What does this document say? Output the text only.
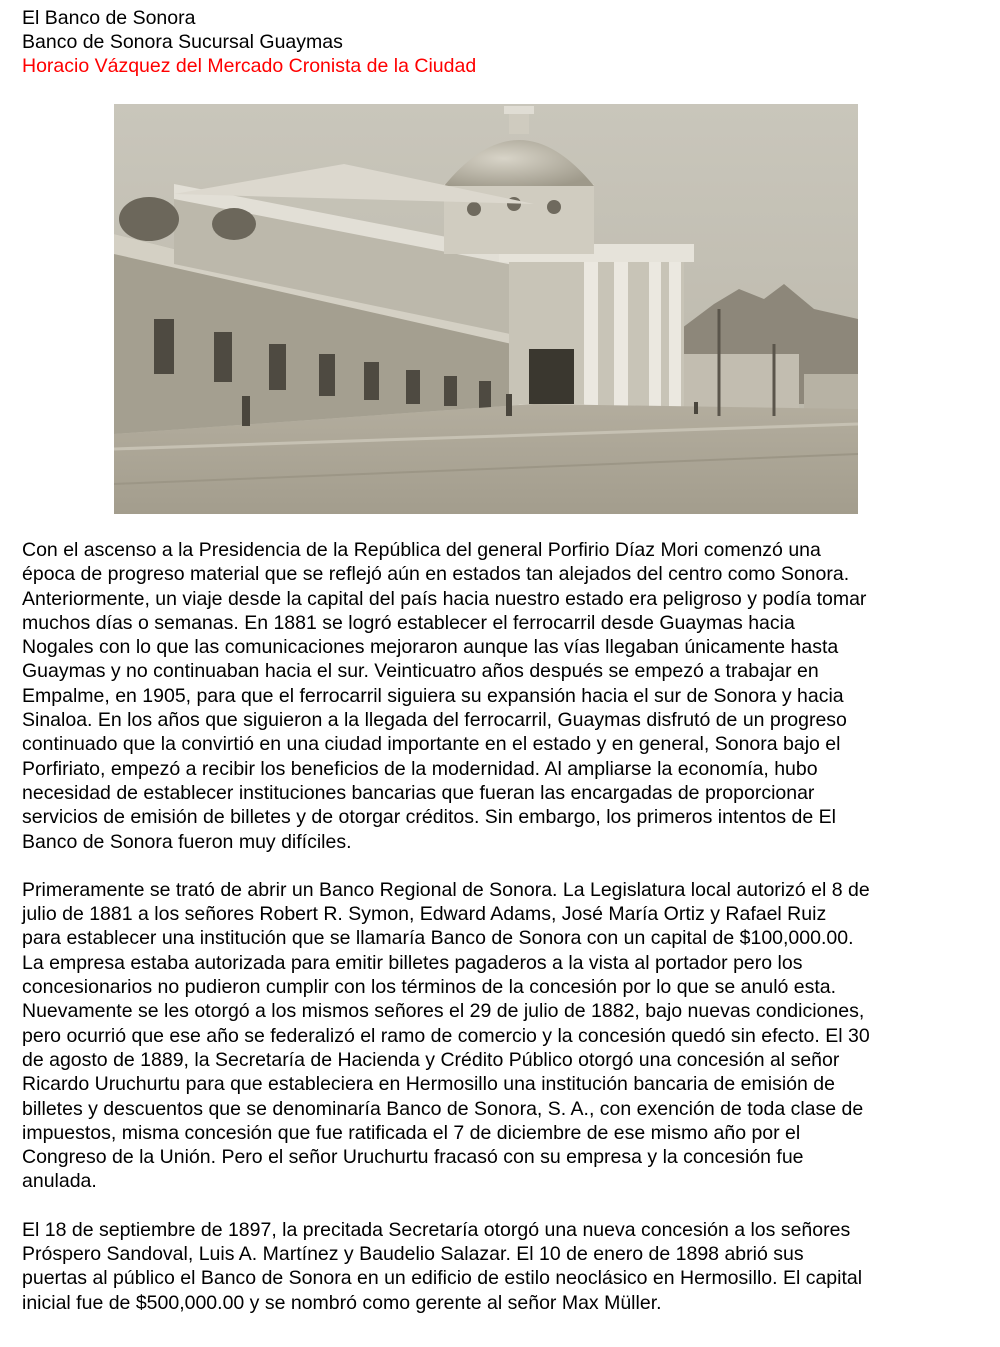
El Banco de Sonora
Banco de Sonora Sucursal Guaymas
Horacio Vázquez del Mercado Cronista de la Ciudad

Con el ascenso a la Presidencia de la República del general Porfirio Díaz Mori comenzó una
época de progreso material que se reflejó aún en estados tan alejados del centro como Sonora.
Anteriormente, un viaje desde la capital del país hacia nuestro estado era peligroso y podía tomar
muchos días o semanas. En 1881 se logró establecer el ferrocarril desde Guaymas hacia
Nogales con lo que las comunicaciones mejoraron aunque las vías llegaban únicamente hasta
Guaymas y no continuaban hacia el sur. Veinticuatro años después se empezó a trabajar en
Empalme, en 1905, para que el ferrocarril siguiera su expansión hacia el sur de Sonora y hacia
Sinaloa. En los años que siguieron a la llegada del ferrocarril, Guaymas disfrutó de un progreso
continuado que la convirtió en una ciudad importante en el estado y en general, Sonora bajo el
Porfiriato, empezó a recibir los beneficios de la modernidad. Al ampliarse la economía, hubo
necesidad de establecer instituciones bancarias que fueran las encargadas de proporcionar
servicios de emisión de billetes y de otorgar créditos. Sin embargo, los primeros intentos de El
Banco de Sonora fueron muy difíciles.

Primeramente se trató de abrir un Banco Regional de Sonora. La Legislatura local autorizó el 8 de
julio de 1881 a los señores Robert R. Symon, Edward Adams, José María Ortiz y Rafael Ruiz
para establecer una institución que se llamaría Banco de Sonora con un capital de $100,000.00.
La empresa estaba autorizada para emitir billetes pagaderos a la vista al portador pero los
concesionarios no pudieron cumplir con los términos de la concesión por lo que se anuló esta.
Nuevamente se les otorgó a los mismos señores el 29 de julio de 1882, bajo nuevas condiciones,
pero ocurrió que ese año se federalizó el ramo de comercio y la concesión quedó sin efecto. El 30
de agosto de 1889, la Secretaría de Hacienda y Crédito Público otorgó una concesión al señor
Ricardo Uruchurtu para que estableciera en Hermosillo una institución bancaria de emisión de
billetes y descuentos que se denominaría Banco de Sonora, S. A., con exención de toda clase de
impuestos, misma concesión que fue ratificada el 7 de diciembre de ese mismo año por el
Congreso de la Unión. Pero el señor Uruchurtu fracasó con su empresa y la concesión fue
anulada.

El 18 de septiembre de 1897, la precitada Secretaría otorgó una nueva concesión a los señores
Próspero Sandoval, Luis A. Martínez y Baudelio Salazar. El 10 de enero de 1898 abrió sus
puertas al público el Banco de Sonora en un edificio de estilo neoclásico en Hermosillo. El capital
inicial fue de $500,000.00 y se nombró como gerente al señor Max Müller.
